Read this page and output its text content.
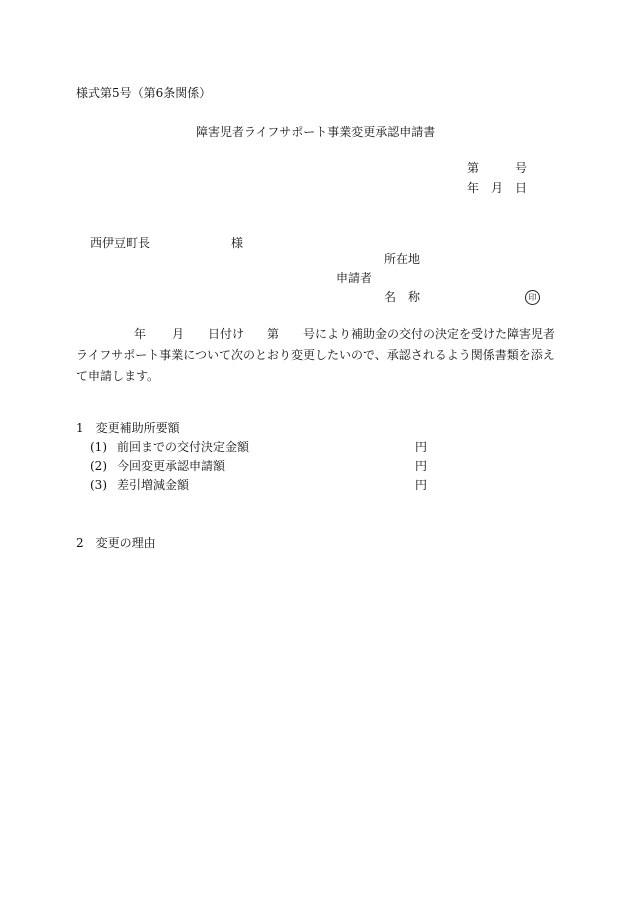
様式第5号（第6条関係）
障害児者ライフサポート事業変更承認申請書
第	号
年 月 日
西伊豆町長	様
所在地
申請者
名　称	印
年 月 日付け 第 号により補助金の交付の決定を受けた障害児者
ライフサポート事業について次のとおり変更したいので、承認されるよう関係書類を添え
て申請します。
1　変更補助所要額
(1) 前回までの交付決定金額	円
(2) 今回変更承認申請額	円
(3) 差引増減金額	円
2　変更の理由
